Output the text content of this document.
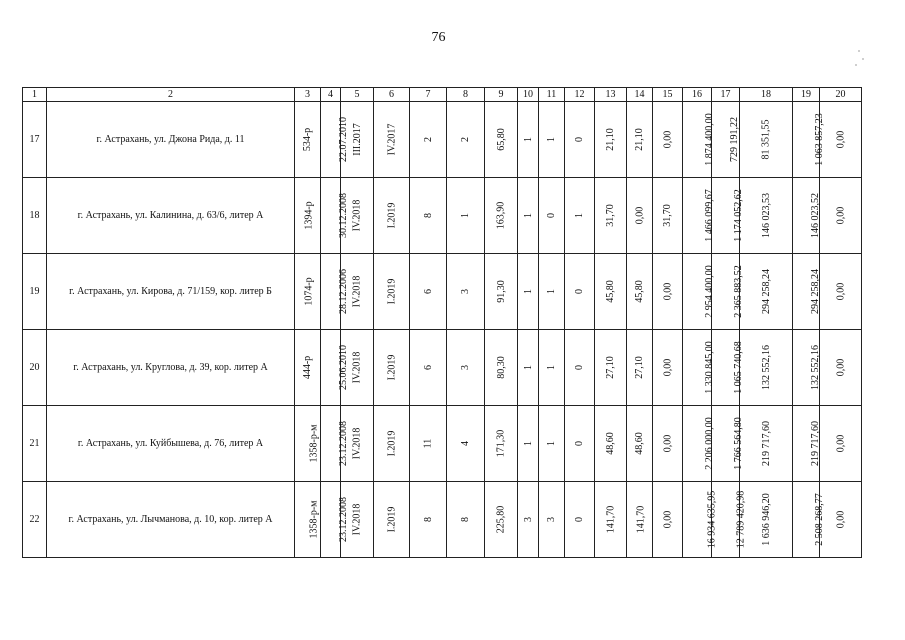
76
1	2	3	4	5	6	7	8	9	10	11	12	13	14	15	16	17	18	19	20
17	г. Астрахань, ул. Джона Рида, д. 11	534-р	22.07.2010	III.2017	IV.2017	2	2	65,80	1	1	0	21,10	21,10	0,00	1 874 400,00	729 191,22	81 351,55	1 063 857,23	0,00
18	г. Астрахань, ул. Калинина, д. 63/6, литер А	1394-р	30.12.2008	IV.2018	I.2019	8	1	163,90	1	0	1	31,70	0,00	31,70	1 466 099,67	1 174 052,62	146 023,53	146 023,52	0,00
19	г. Астрахань, ул. Кирова, д. 71/159, кор. литер Б	1074-р	28.12.2006	IV.2018	I.2019	6	3	91,30	1	1	0	45,80	45,80	0,00	2 954 400,00	2 365 883,52	294 258,24	294 258,24	0,00
20	г. Астрахань, ул. Круглова, д. 39, кор. литер А	444-р	25.06.2010	IV.2018	I.2019	6	3	80,30	1	1	0	27,10	27,10	0,00	1 330 845,00	1 065 740,68	132 552,16	132 552,16	0,00
21	г. Астрахань, ул. Куйбышева, д. 76, литер А	1358-р-м	23.12.2008	IV.2018	I.2019	11	4	171,30	1	1	0	48,60	48,60	0,00	2 206 000,00	1 766 564,80	219 717,60	219 717,60	0,00
22	г. Астрахань, ул. Лычманова, д. 10, кор. литер А	1358-р-м	23.12.2008	IV.2018	I.2019	8	8	225,80	3	3	0	141,70	141,70	0,00	16 934 635,95	12 789 420,98	1 636 946,20	2 508 268,77	0,00
